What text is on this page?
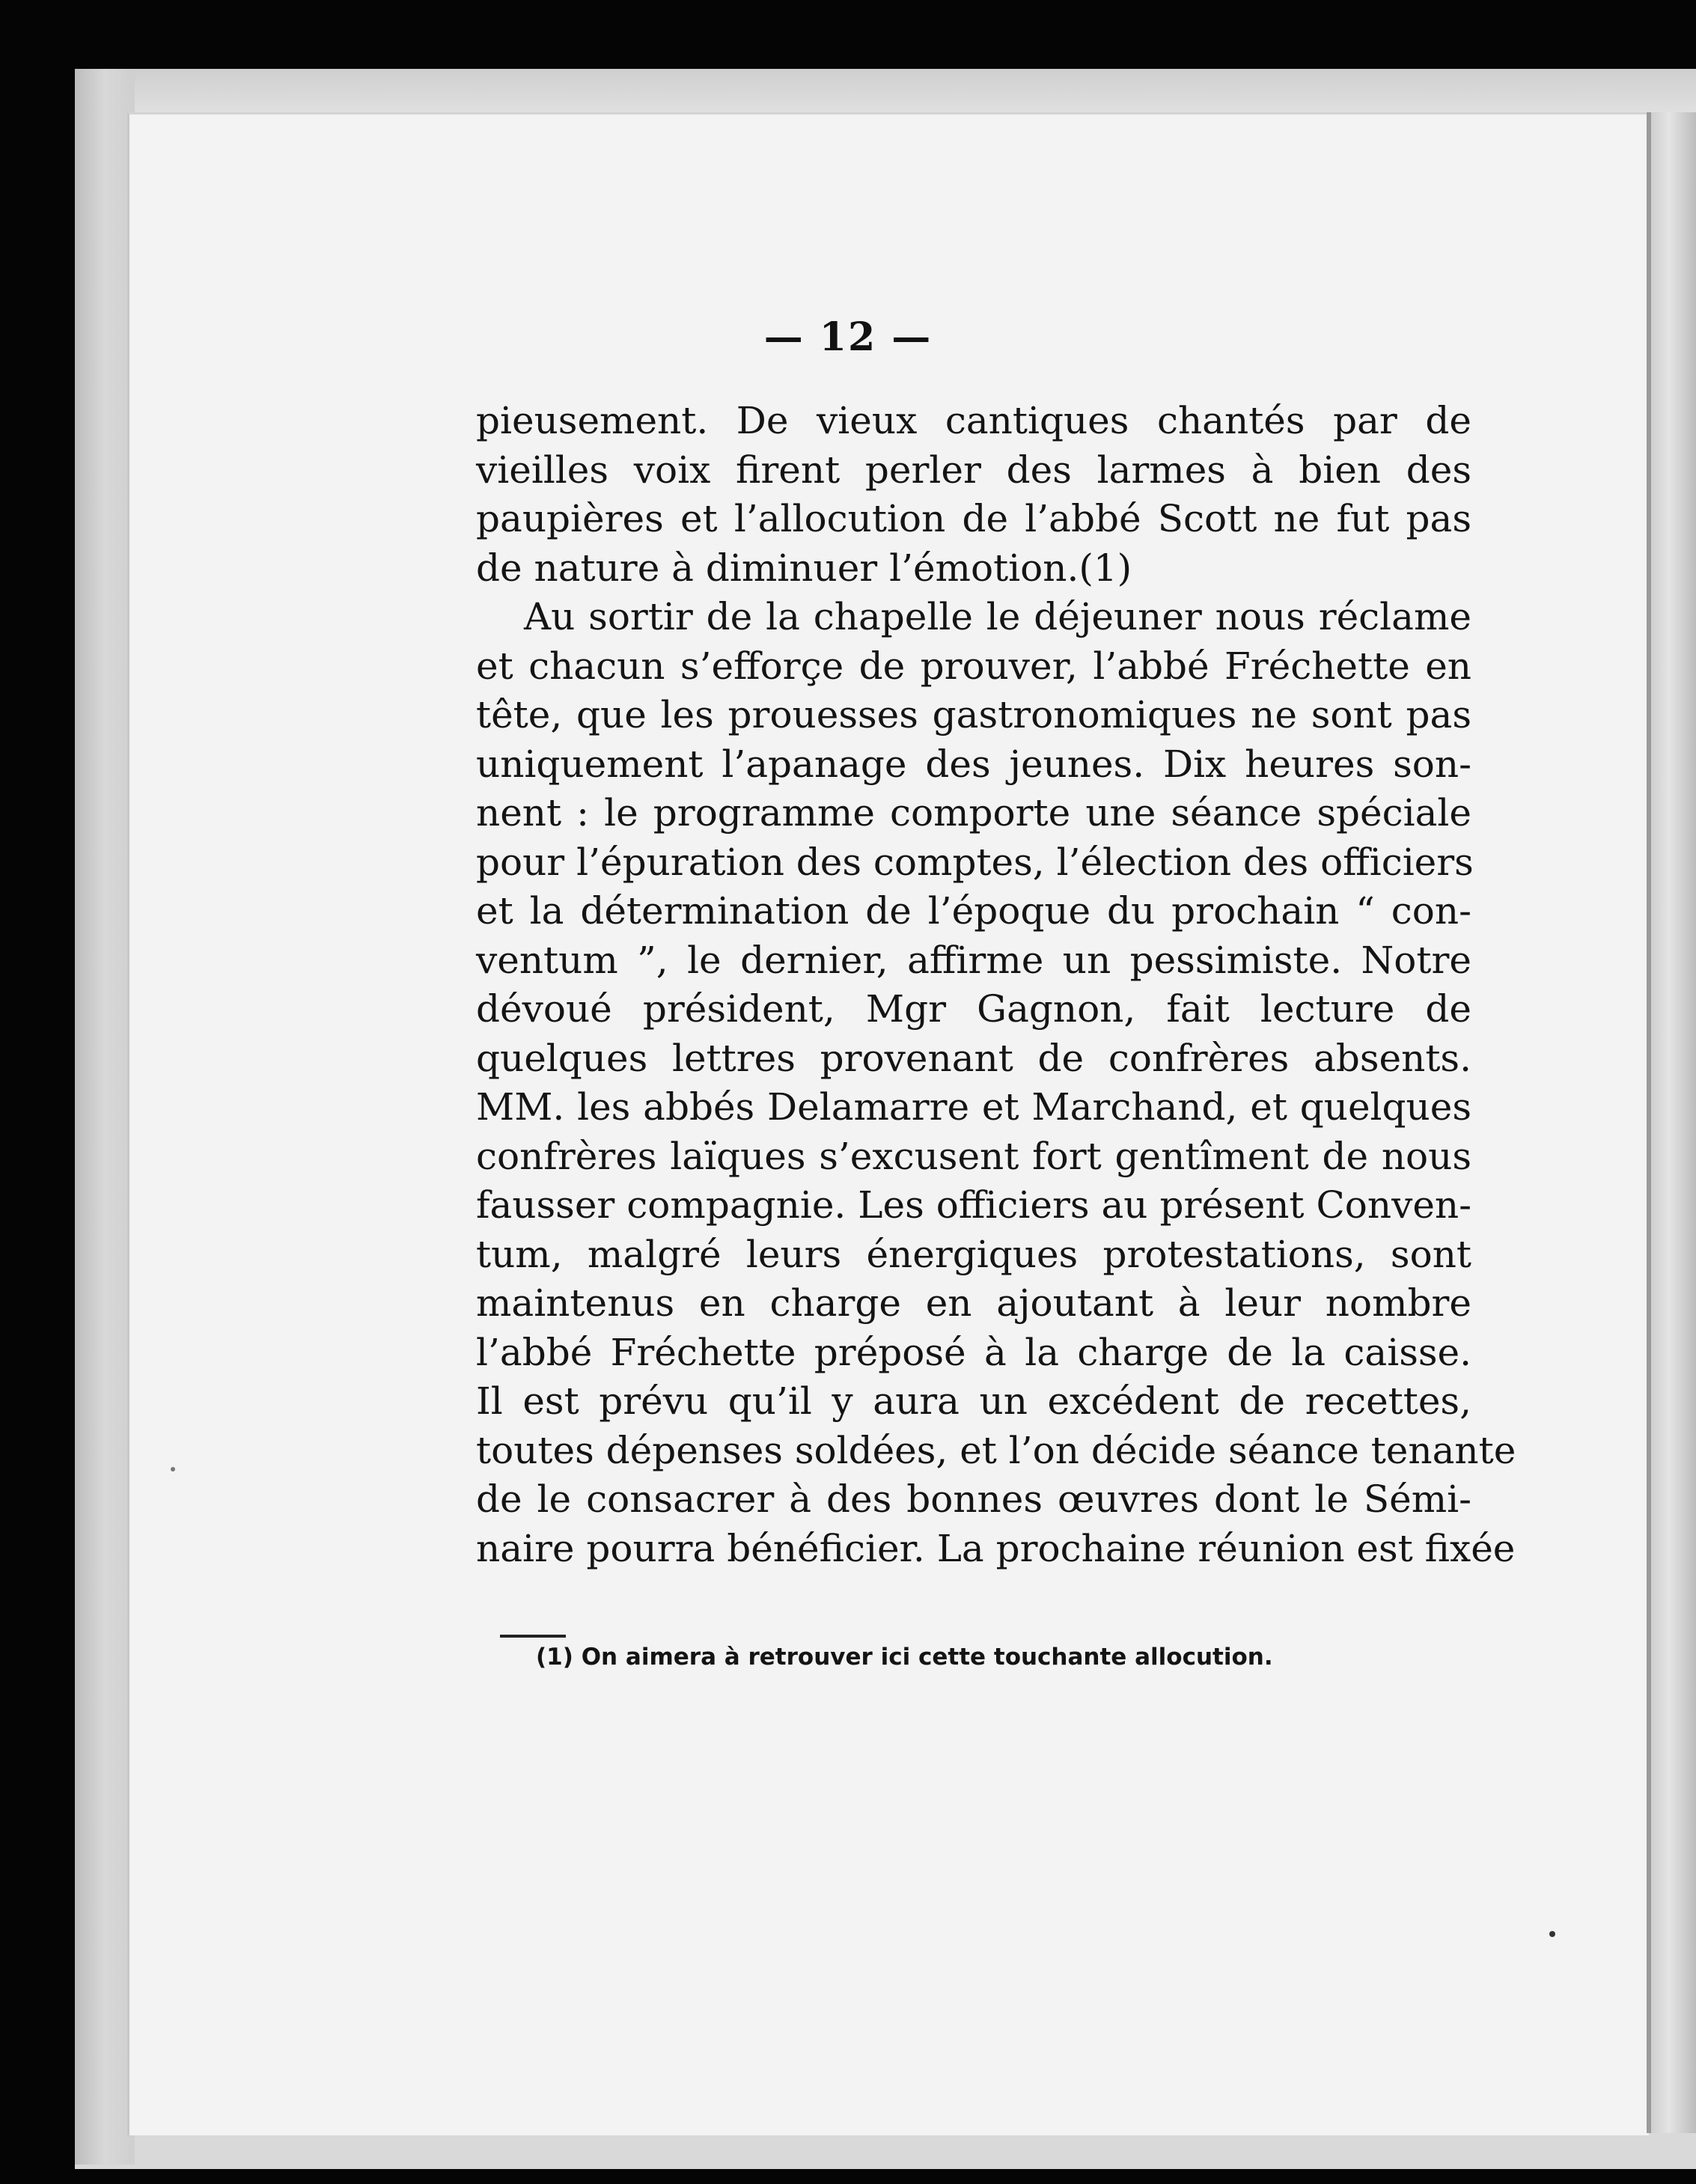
— 12 —
pieusement. De vieux cantiques chantés par de
vieilles voix firent perler des larmes à bien des
paupières et l’allocution de l’abbé Scott ne fut pas
de nature à diminuer l’émotion.(1)
Au sortir de la chapelle le déjeuner nous réclame
et chacun s’efforçe de prouver, l’abbé Fréchette en
tête, que les prouesses gastronomiques ne sont pas
uniquement l’apanage des jeunes. Dix heures son-
nent : le programme comporte une séance spéciale
pour l’épuration des comptes, l’élection des officiers
et la détermination de l’époque du prochain “ con-
ventum ”, le dernier, affirme un pessimiste. Notre
dévoué président, Mgr Gagnon, fait lecture de
quelques lettres provenant de confrères absents.
MM. les abbés Delamarre et Marchand, et quelques
confrères laïques s’excusent fort gentîment de nous
fausser compagnie. Les officiers au présent Conven-
tum, malgré leurs énergiques protestations, sont
maintenus en charge en ajoutant à leur nombre
l’abbé Fréchette préposé à la charge de la caisse.
Il est prévu qu’il y aura un excédent de recettes,
toutes dépenses soldées, et l’on décide séance tenante
de le consacrer à des bonnes œuvres dont le Sémi-
naire pourra bénéficier. La prochaine réunion est fixée
(1) On aimera à retrouver ici cette touchante allocution.
